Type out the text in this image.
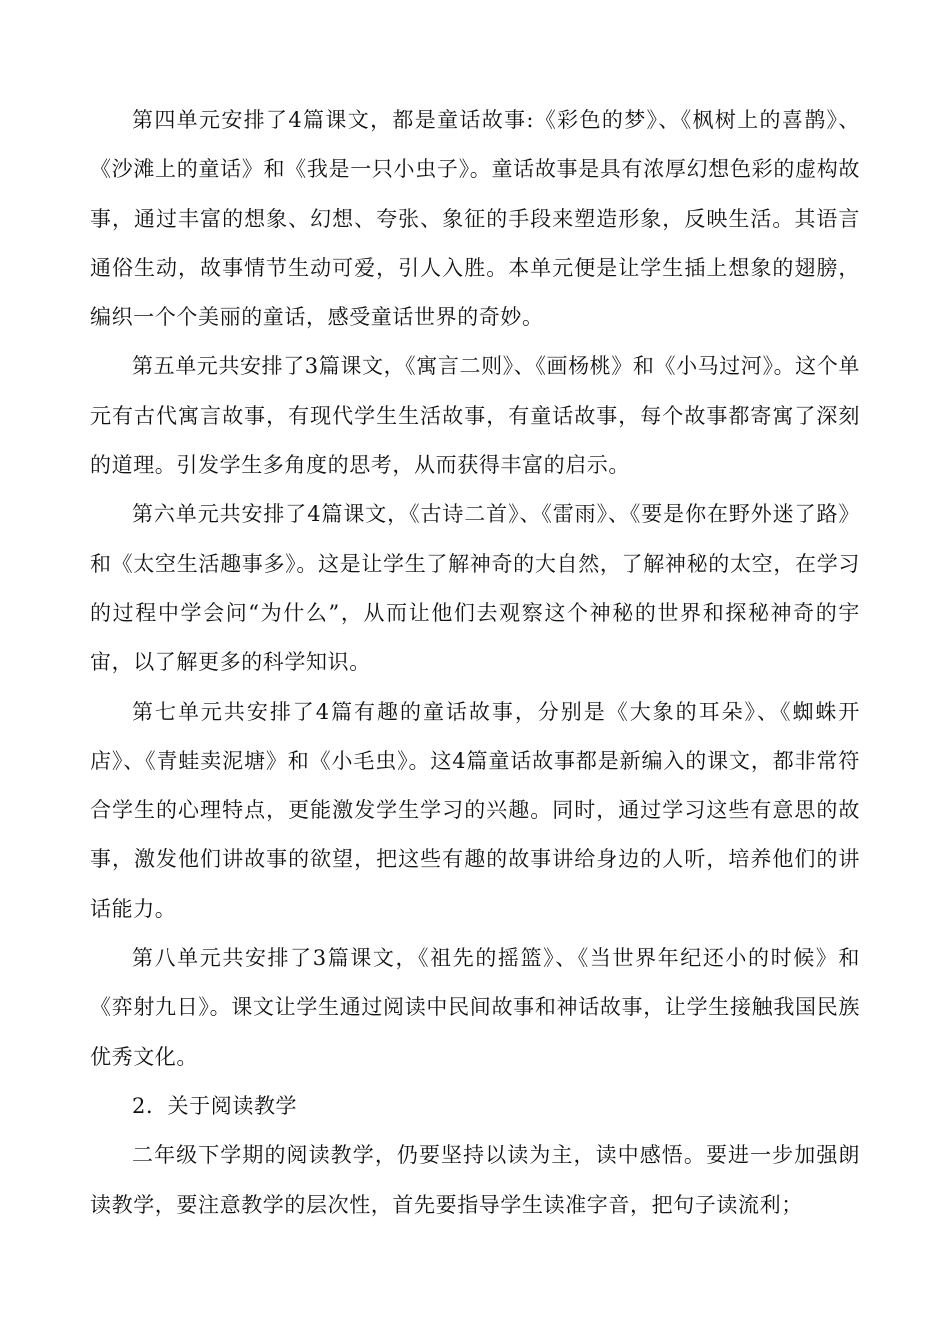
第四单元安排了4篇课文，都是童话故事:《彩色的梦》、《枫树上的喜鹊》、《沙滩上的童话》和《我是一只小虫子》。童话故事是具有浓厚幻想色彩的虚构故事，通过丰富的想象、幻想、夸张、象征的手段来塑造形象，反映生活。其语言通俗生动，故事情节生动可爱，引人入胜。本单元便是让学生插上想象的翅膀，编织一个个美丽的童话，感受童话世界的奇妙。

第五单元共安排了3篇课文，《寓言二则》、《画杨桃》和《小马过河》。这个单元有古代寓言故事，有现代学生生活故事，有童话故事，每个故事都寄寓了深刻的道理。引发学生多角度的思考，从而获得丰富的启示。

第六单元共安排了4篇课文，《古诗二首》、《雷雨》、《要是你在野外迷了路》和《太空生活趣事多》。这是让学生了解神奇的大自然，了解神秘的太空，在学习的过程中学会问“为什么”，从而让他们去观察这个神秘的世界和探秘神奇的宇宙，以了解更多的科学知识。

第七单元共安排了4篇有趣的童话故事，分别是《大象的耳朵》、《蜘蛛开店》、《青蛙卖泥塘》和《小毛虫》。这4篇童话故事都是新编入的课文，都非常符合学生的心理特点，更能激发学生学习的兴趣。同时，通过学习这些有意思的故事，激发他们讲故事的欲望，把这些有趣的故事讲给身边的人听，培养他们的讲话能力。

第八单元共安排了3篇课文，《祖先的摇篮》、《当世界年纪还小的时候》和《弈射九日》。课文让学生通过阅读中民间故事和神话故事，让学生接触我国民族优秀文化。

2．关于阅读教学

二年级下学期的阅读教学，仍要坚持以读为主，读中感悟。要进一步加强朗读教学，要注意教学的层次性，首先要指导学生读准字音，把句子读流利；
